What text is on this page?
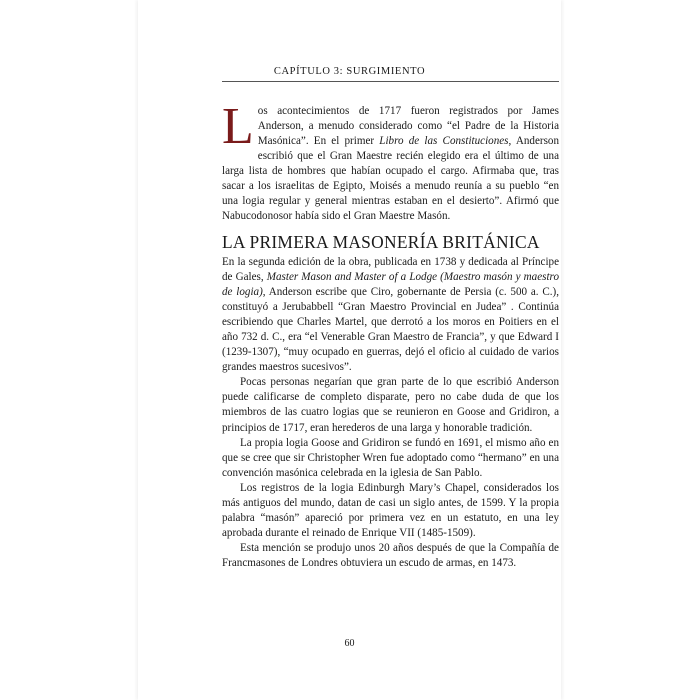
CAPÍTULO 3: SURGIMIENTO
Los acontecimientos de 1717 fueron registrados por James Anderson, a menudo considerado como “el Padre de la Historia Masónica”. En el primer Libro de las Constituciones, Anderson escribió que el Gran Maestre recién elegido era el último de una larga lista de hombres que habían ocupado el cargo. Afirmaba que, tras sacar a los israelitas de Egipto, Moisés a menudo reunía a su pueblo “en una logia regular y general mientras estaban en el desierto”. Afirmó que Nabucodonosor había sido el Gran Maestre Masón.
LA PRIMERA MASONERÍA BRITÁNICA

En la segunda edición de la obra, publicada en 1738 y dedicada al Príncipe de Gales, Master Mason and Master of a Lodge (Maestro masón y maestro de logia), Anderson escribe que Ciro, gobernante de Persia (c. 500 a. C.), constituyó a Jerubabbell “Gran Maestro Provincial en Judea” . Continúa escribiendo que Charles Martel, que derrotó a los moros en Poitiers en el año 732 d. C., era “el Venerable Gran Maestro de Francia”, y que Edward I (1239-1307), “muy ocupado en guerras, dejó el oficio al cuidado de varios grandes maestros sucesivos”.

Pocas personas negarían que gran parte de lo que escribió Anderson puede calificarse de completo disparate, pero no cabe duda de que los miembros de las cuatro logias que se reunieron en Goose and Gridiron, a principios de 1717, eran herederos de una larga y honorable tradición.

La propia logia Goose and Gridiron se fundó en 1691, el mismo año en que se cree que sir Christopher Wren fue adoptado como “hermano” en una convención masónica celebrada en la iglesia de San Pablo.

Los registros de la logia Edinburgh Mary’s Chapel, considerados los más antiguos del mundo, datan de casi un siglo antes, de 1599. Y la propia palabra “masón” apareció por primera vez en un estatuto, en una ley aprobada durante el reinado de Enrique VII (1485-1509).

Esta mención se produjo unos 20 años después de que la Compañía de Francmasones de Londres obtuviera un escudo de armas, en 1473.

60
